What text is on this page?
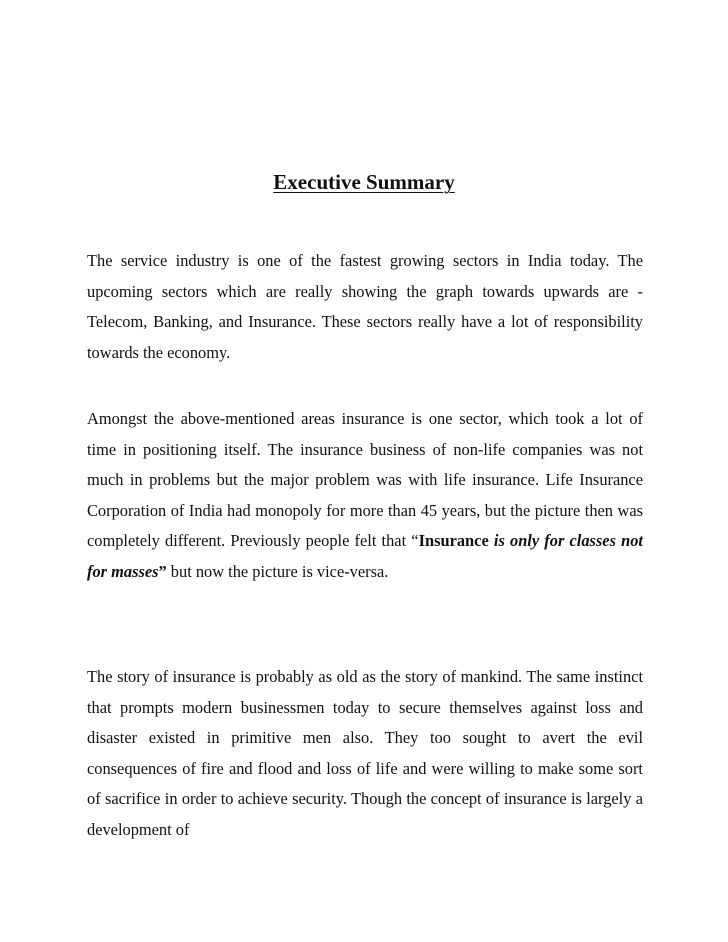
Executive Summary

The service industry is one of the fastest growing sectors in India today. The upcoming sectors which are really showing the graph towards upwards are - Telecom, Banking, and Insurance. These sectors really have a lot of responsibility towards the economy.

Amongst the above-mentioned areas insurance is one sector, which took a lot of time in positioning itself. The insurance business of non-life companies was not much in problems but the major problem was with life insurance. Life Insurance Corporation of India had monopoly for more than 45 years, but the picture then was completely different. Previously people felt that “Insurance is only for classes not for masses” but now the picture is vice-versa.

The story of insurance is probably as old as the story of mankind. The same instinct that prompts modern businessmen today to secure themselves against loss and disaster existed in primitive men also. They too sought to avert the evil consequences of fire and flood and loss of life and were willing to make some sort of sacrifice in order to achieve security. Though the concept of insurance is largely a development of
